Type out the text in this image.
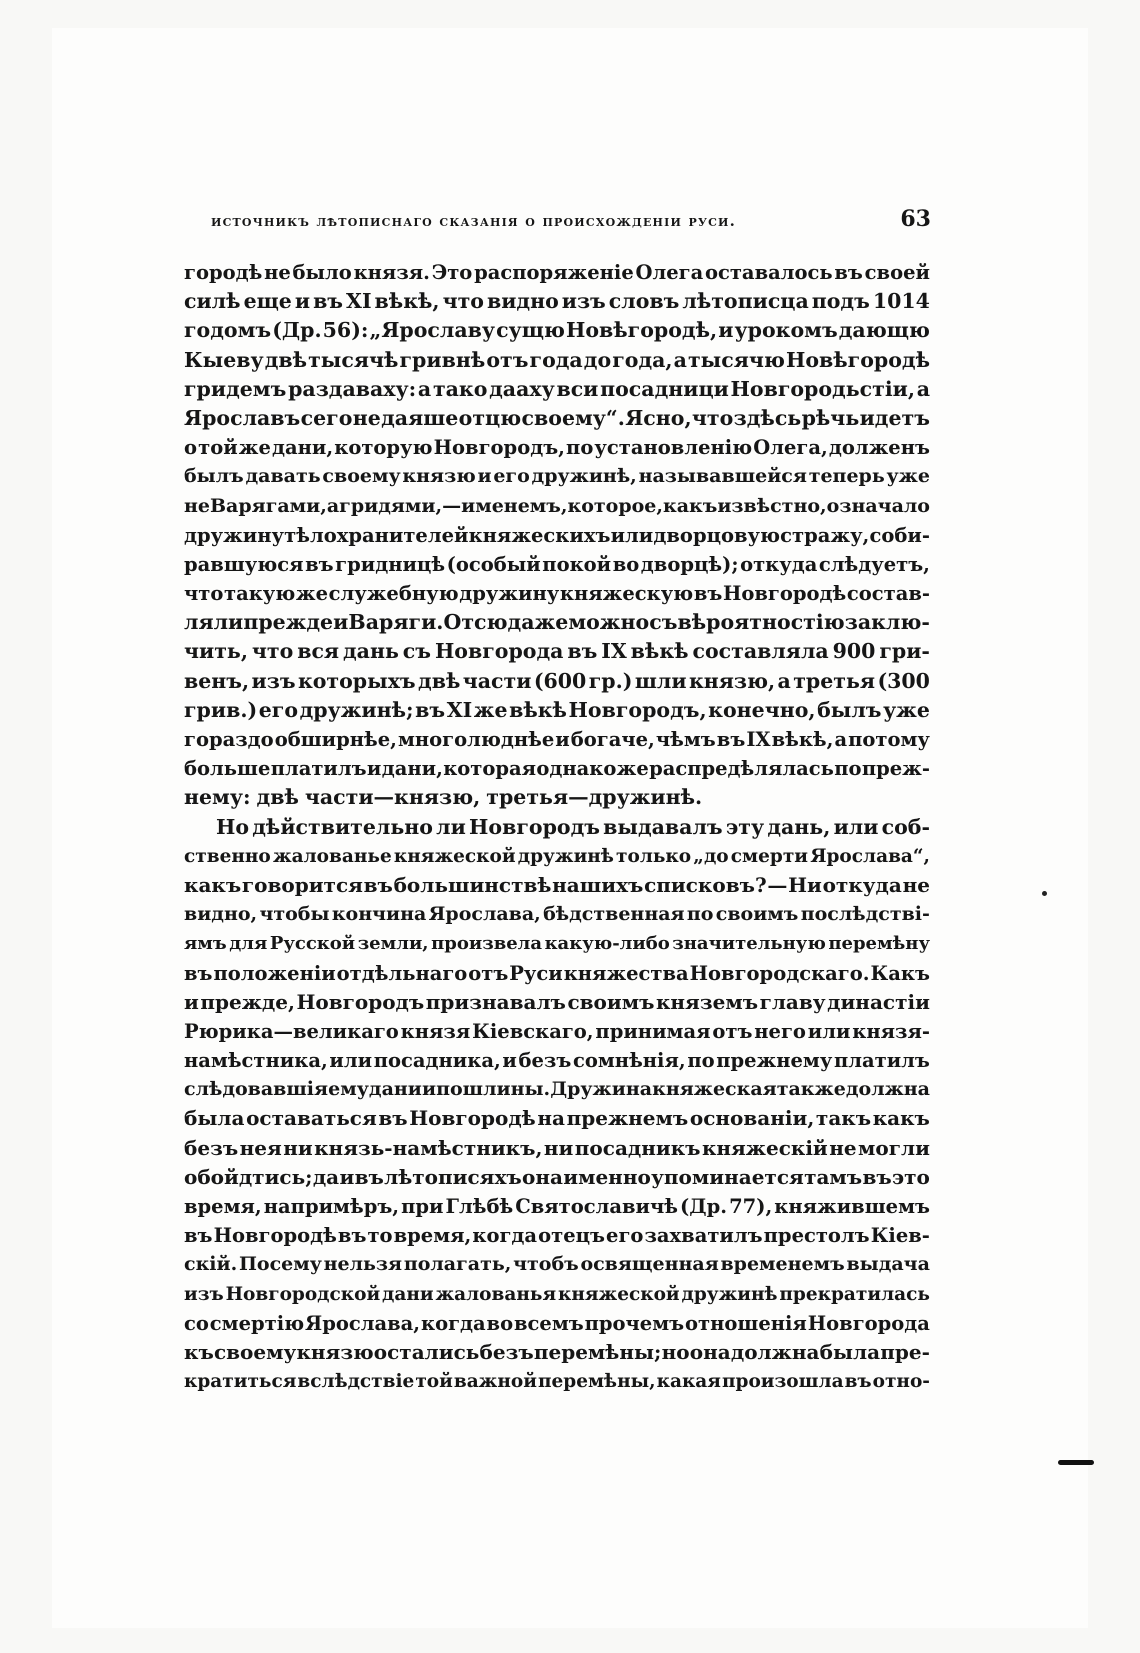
источникъ лѣтописнаго сказанія о происхожденіи руси.	63
городѣ не было князя. Это распоряженіе Олега оставалось въ своей
силѣ еще и въ XI вѣкѣ, что видно изъ словъ лѣтописца подъ 1014
годомъ (Др. 56): „Ярославу сущю Новѣгородѣ, и урокомъ дающю
Кыеву двѣ тысячѣ гривнѣ отъ года до года, а тысячю Новѣгородѣ
гридемъ раздаваху: а тако дааху вси посадници Новгородьстіи, а
Ярославъ сего не даяше отцю своему“. Ясно, что здѣсь рѣчь идетъ
о той же дани, которую Новгородъ, по установленію Олега, долженъ
былъ давать своему князю и его дружинѣ, называвшейся теперь уже
не Варягами, а гридями,—именемъ, которое, какъ извѣстно, означало
дружину тѣлохранителей княжескихъ или дворцовую стражу, соби-
равшуюся въ гридницѣ (особый покой во дворцѣ); откуда слѣдуетъ,
что такую же служебную дружину княжескую въ Новгородѣ состав-
ляли прежде и Варяги. Отсюда же можно съ вѣроятностію заклю-
чить, что вся дань съ Новгорода въ IX вѣкѣ составляла 900 гри-
венъ, изъ которыхъ двѣ части (600 гр.) шли князю, а третья (300
грив.) его дружинѣ; въ XI же вѣкѣ Новгородъ, конечно, былъ уже
гораздо обширнѣе, многолюднѣе и богаче, чѣмъ въ IX вѣкѣ, а потому
больше платилъ и дани, которая однако же распредѣлялась по преж-
нему: двѣ части—князю, третья—дружинѣ.
Но дѣйствительно ли Новгородъ выдавалъ эту дань, или соб-
ственно жалованье княжеской дружинѣ только „до смерти Ярослава“,
какъ говорится въ большинствѣ нашихъ списковъ? — Ни откуда не
видно, чтобы кончина Ярослава, бѣдственная по своимъ послѣдстві-
ямъ для Русской земли, произвела какую-либо значительную перемѣну
въ положеніи отдѣльнаго отъ Руси княжества Новгородскаго. Какъ
и прежде, Новгородъ признавалъ своимъ княземъ главу династіи
Рюрика—великаго князя Кіевскаго, принимая отъ него или князя-
намѣстника, или посадника, и безъ сомнѣнія, по прежнему платилъ
слѣдовавшія ему дани и пошлины. Дружина княжеская также должна
была оставаться въ Новгородѣ на прежнемъ основаніи, такъ какъ
безъ нея ни князь-намѣстникъ, ни посадникъ княжескій не могли
обойдтись; да и въ лѣтописяхъ она именно упоминается тамъ въ это
время, напримѣръ, при Глѣбѣ Святославичѣ (Др. 77), княжившемъ
въ Новгородѣ въ то время, когда отецъ его захватилъ престолъ Кіев-
скій. Посему нельзя полагать, чтобъ освященная временемъ выдача
изъ Новгородской дани жалованья княжеской дружинѣ прекратилась
со смертію Ярослава, когда во всемъ прочемъ отношенія Новгорода
къ своему князю остались безъ перемѣны; но она должна была пре-
кратиться вслѣдствіе той важной перемѣны, какая произошла въ отно-
